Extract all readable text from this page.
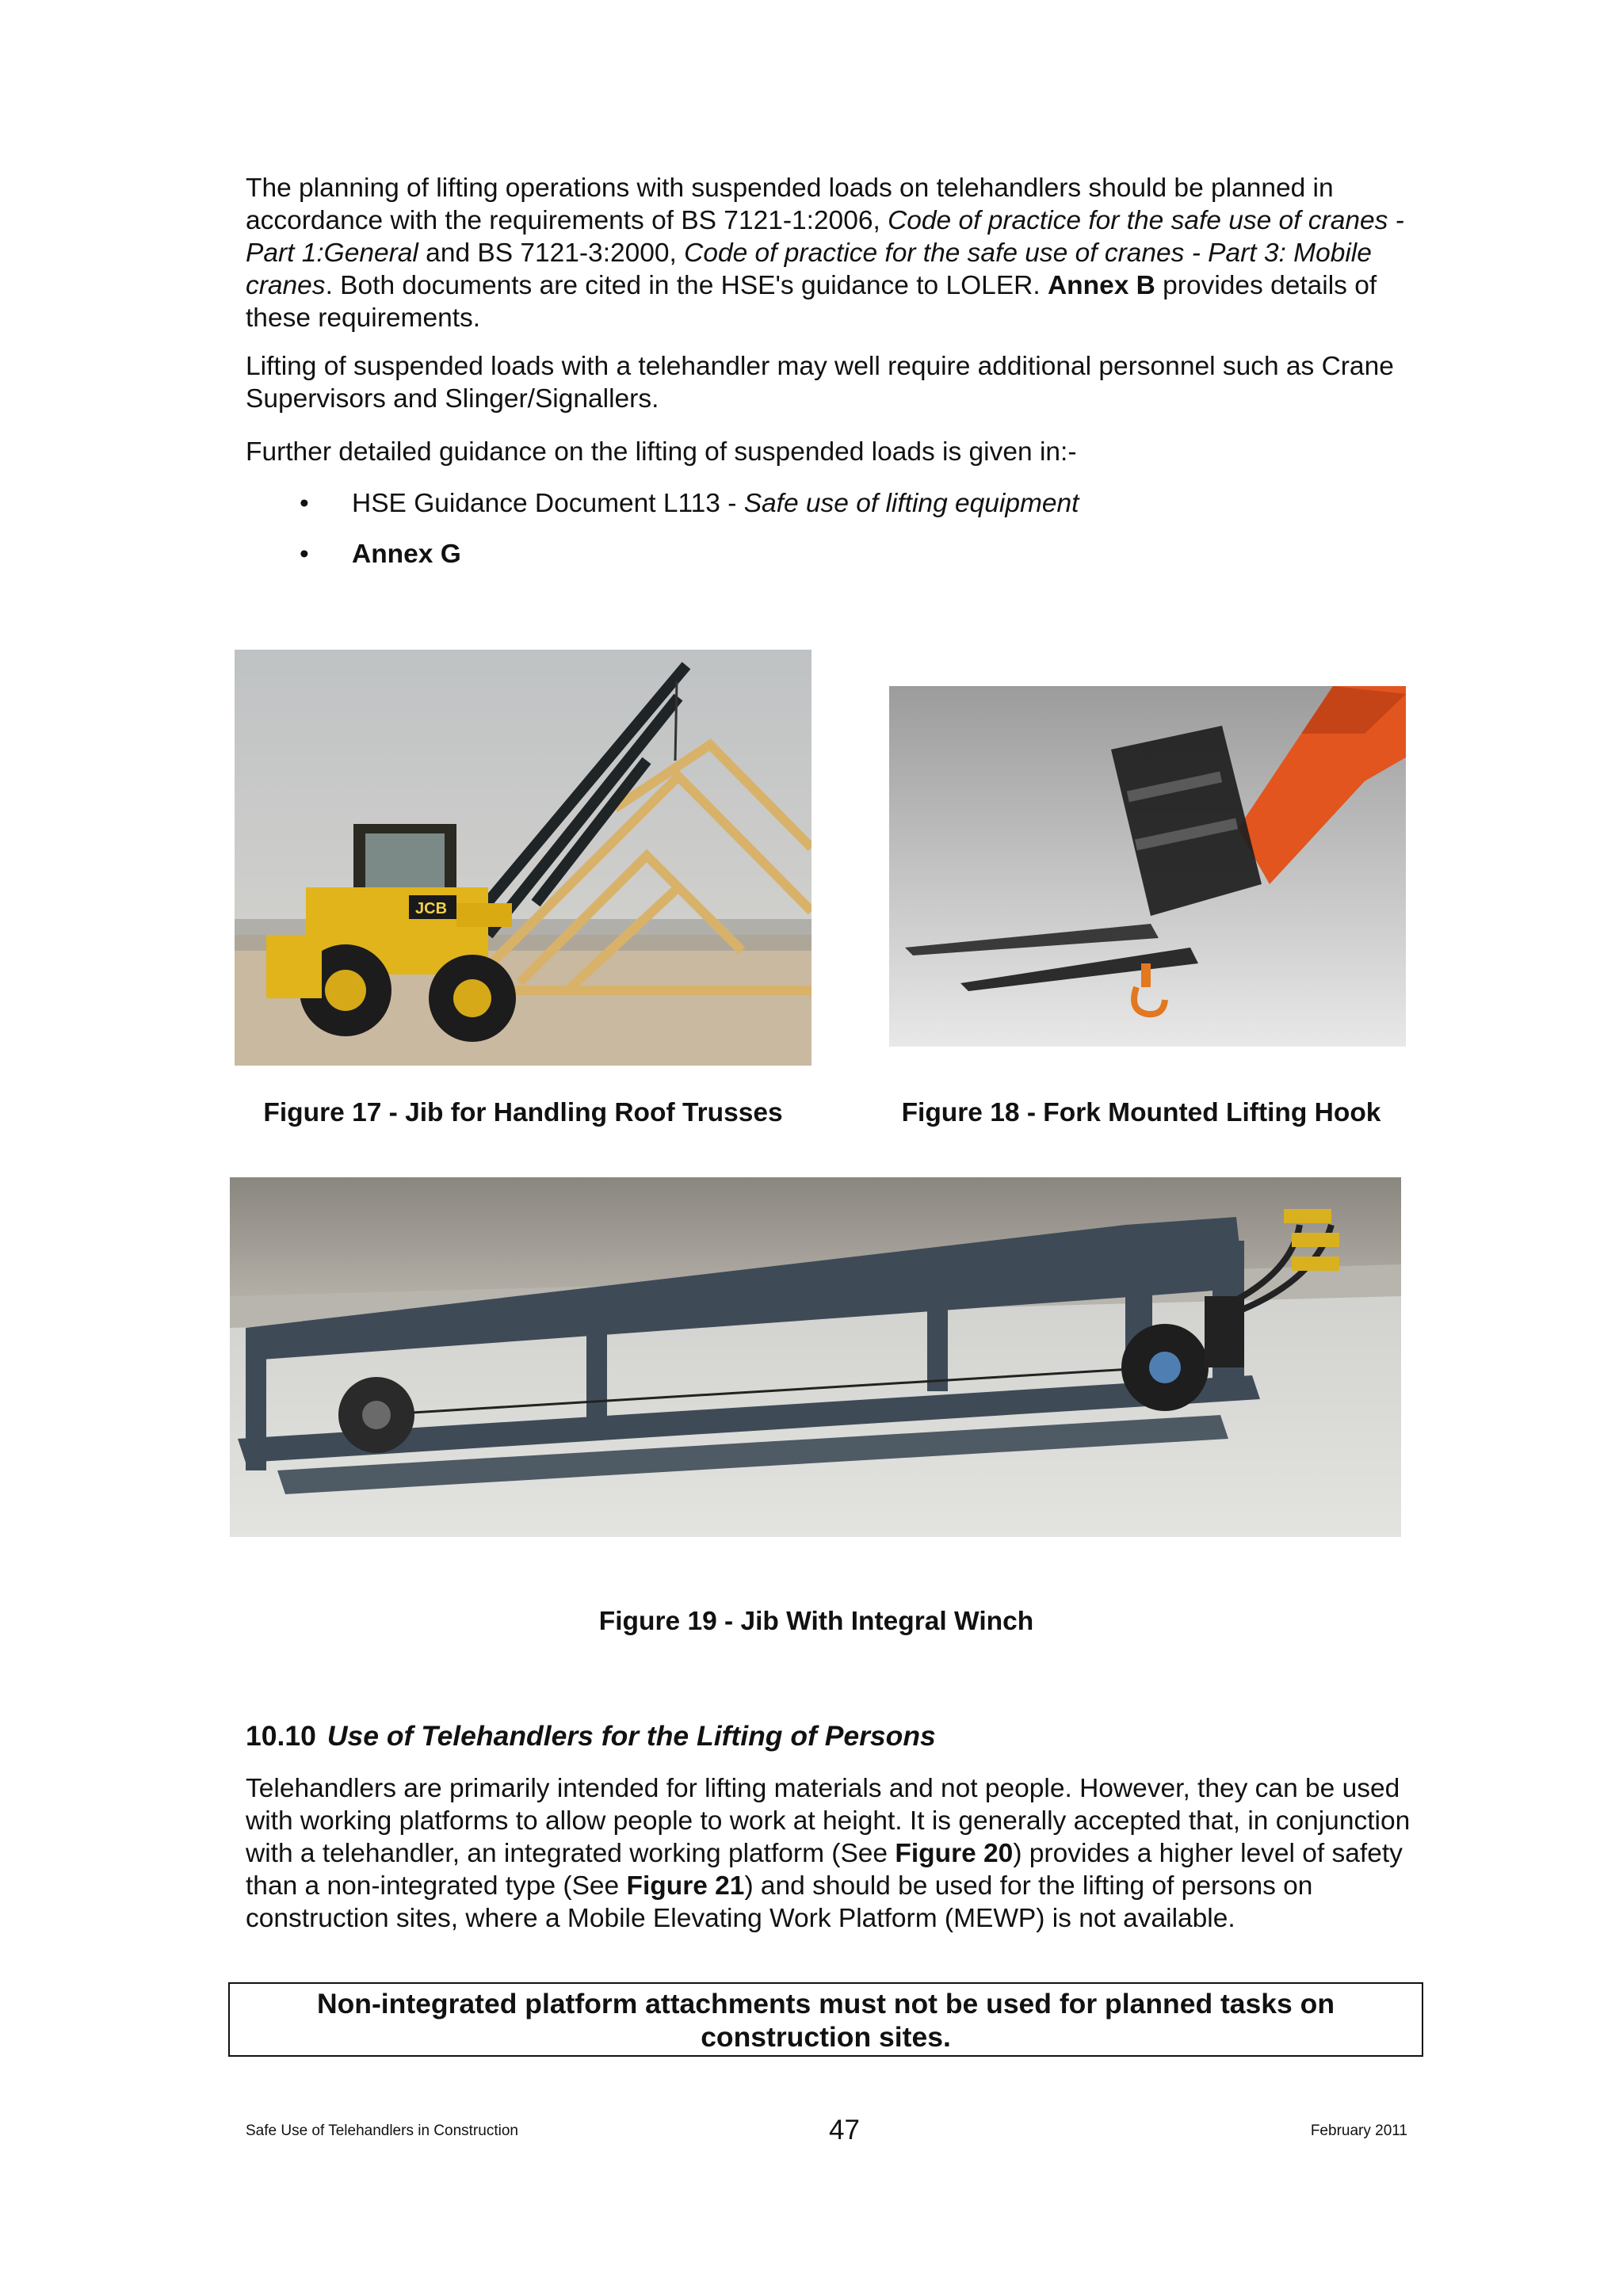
The planning of lifting operations with suspended loads on telehandlers should be planned in accordance with the requirements of BS 7121-1:2006, Code of practice for the safe use of cranes - Part 1:General and BS 7121-3:2000, Code of practice for the safe use of cranes - Part 3: Mobile cranes. Both documents are cited in the HSE's guidance to LOLER. Annex B provides details of these requirements.
Lifting of suspended loads with a telehandler may well require additional personnel such as Crane Supervisors and Slinger/Signallers.
Further detailed guidance on the lifting of suspended loads is given in:-
• HSE Guidance Document L113 - Safe use of lifting equipment
• Annex G
JCB
Figure 17 - Jib for Handling Roof Trusses	Figure 18 - Fork Mounted Lifting Hook
Figure 19 - Jib With Integral Winch
10.10 Use of Telehandlers for the Lifting of Persons
Telehandlers are primarily intended for lifting materials and not people. However, they can be used with working platforms to allow people to work at height. It is generally accepted that, in conjunction with a telehandler, an integrated working platform (See Figure 20) provides a higher level of safety than a non-integrated type (See Figure 21) and should be used for the lifting of persons on construction sites, where a Mobile Elevating Work Platform (MEWP) is not available.
Non-integrated platform attachments must not be used for planned tasks on construction sites.
Safe Use of Telehandlers in Construction	47	February 2011
